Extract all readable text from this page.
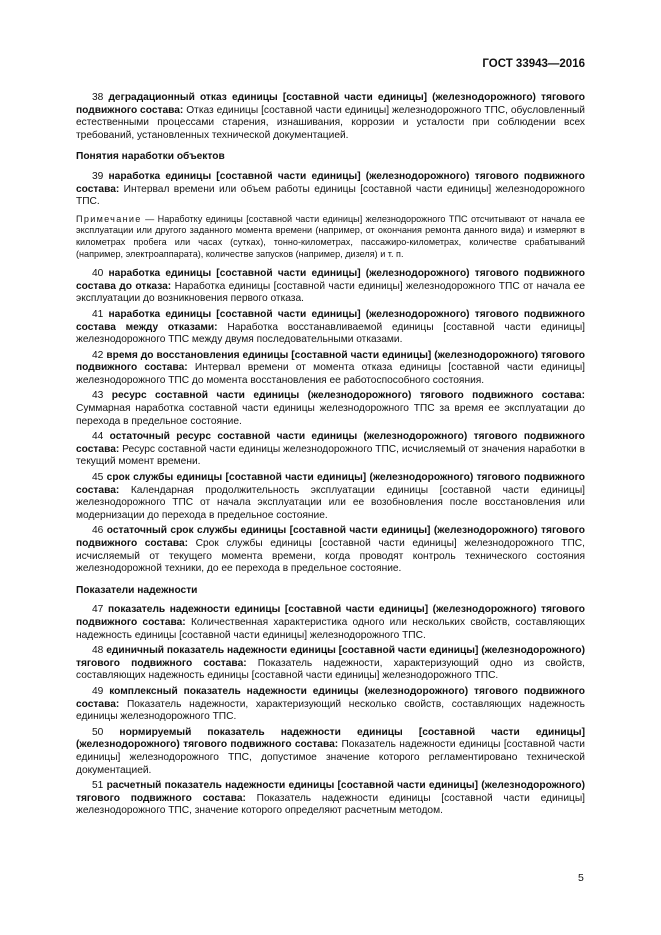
ГОСТ 33943—2016

38 деградационный отказ единицы [составной части единицы] (железнодорожного) тягового подвижного состава: Отказ единицы [составной части единицы] железнодорожного ТПС, обусловленный естественными процессами старения, изнашивания, коррозии и усталости при соблюдении всех требований, установленных технической документацией.

Понятия наработки объектов

39 наработка единицы [составной части единицы] (железнодорожного) тягового подвижного состава: Интервал времени или объем работы единицы [составной части единицы] железнодорожного ТПС.

Примечание — Наработку единицы [составной части единицы] железнодорожного ТПС отсчитывают от начала ее эксплуатации или другого заданного момента времени (например, от окончания ремонта данного вида) и измеряют в километрах пробега или часах (сутках), тонно-километрах, пассажиро-километрах, количестве срабатываний (например, электроаппарата), количестве запусков (например, дизеля) и т. п.

40 наработка единицы [составной части единицы] (железнодорожного) тягового подвижного состава до отказа: Наработка единицы [составной части единицы] железнодорожного ТПС от начала ее эксплуатации до возникновения первого отказа.

41 наработка единицы [составной части единицы] (железнодорожного) тягового подвижного состава между отказами: Наработка восстанавливаемой единицы [составной части единицы] железнодорожного ТПС между двумя последовательными отказами.

42 время до восстановления единицы [составной части единицы] (железнодорожного) тягового подвижного состава: Интервал времени от момента отказа единицы [составной части единицы] железнодорожного ТПС до момента восстановления ее работоспособного состояния.

43 ресурс составной части единицы (железнодорожного) тягового подвижного состава: Суммарная наработка составной части единицы железнодорожного ТПС за время ее эксплуатации до перехода в предельное состояние.

44 остаточный ресурс составной части единицы (железнодорожного) тягового подвижного состава: Ресурс составной части единицы железнодорожного ТПС, исчисляемый от значения наработки в текущий момент времени.

45 срок службы единицы [составной части единицы] (железнодорожного) тягового подвижного состава: Календарная продолжительность эксплуатации единицы [составной части единицы] железнодорожного ТПС от начала эксплуатации или ее возобновления после восстановления или модернизации до перехода в предельное состояние.

46 остаточный срок службы единицы [составной части единицы] (железнодорожного) тягового подвижного состава: Срок службы единицы [составной части единицы] железнодорожного ТПС, исчисляемый от текущего момента времени, когда проводят контроль технического состояния железнодорожной техники, до ее перехода в предельное состояние.

Показатели надежности

47 показатель надежности единицы [составной части единицы] (железнодорожного) тягового подвижного состава: Количественная характеристика одного или нескольких свойств, составляющих надежность единицы [составной части единицы] железнодорожного ТПС.

48 единичный показатель надежности единицы [составной части единицы] (железнодорожного) тягового подвижного состава: Показатель надежности, характеризующий одно из свойств, составляющих надежность единицы [составной части единицы] железнодорожного ТПС.

49 комплексный показатель надежности единицы (железнодорожного) тягового подвижного состава: Показатель надежности, характеризующий несколько свойств, составляющих надежность единицы железнодорожного ТПС.

50 нормируемый показатель надежности единицы [составной части единицы] (железнодорожного) тягового подвижного состава: Показатель надежности единицы [составной части единицы] железнодорожного ТПС, допустимое значение которого регламентировано технической документацией.

51 расчетный показатель надежности единицы [составной части единицы] (железнодорожного) тягового подвижного состава: Показатель надежности единицы [составной части единицы] железнодорожного ТПС, значение которого определяют расчетным методом.

5
